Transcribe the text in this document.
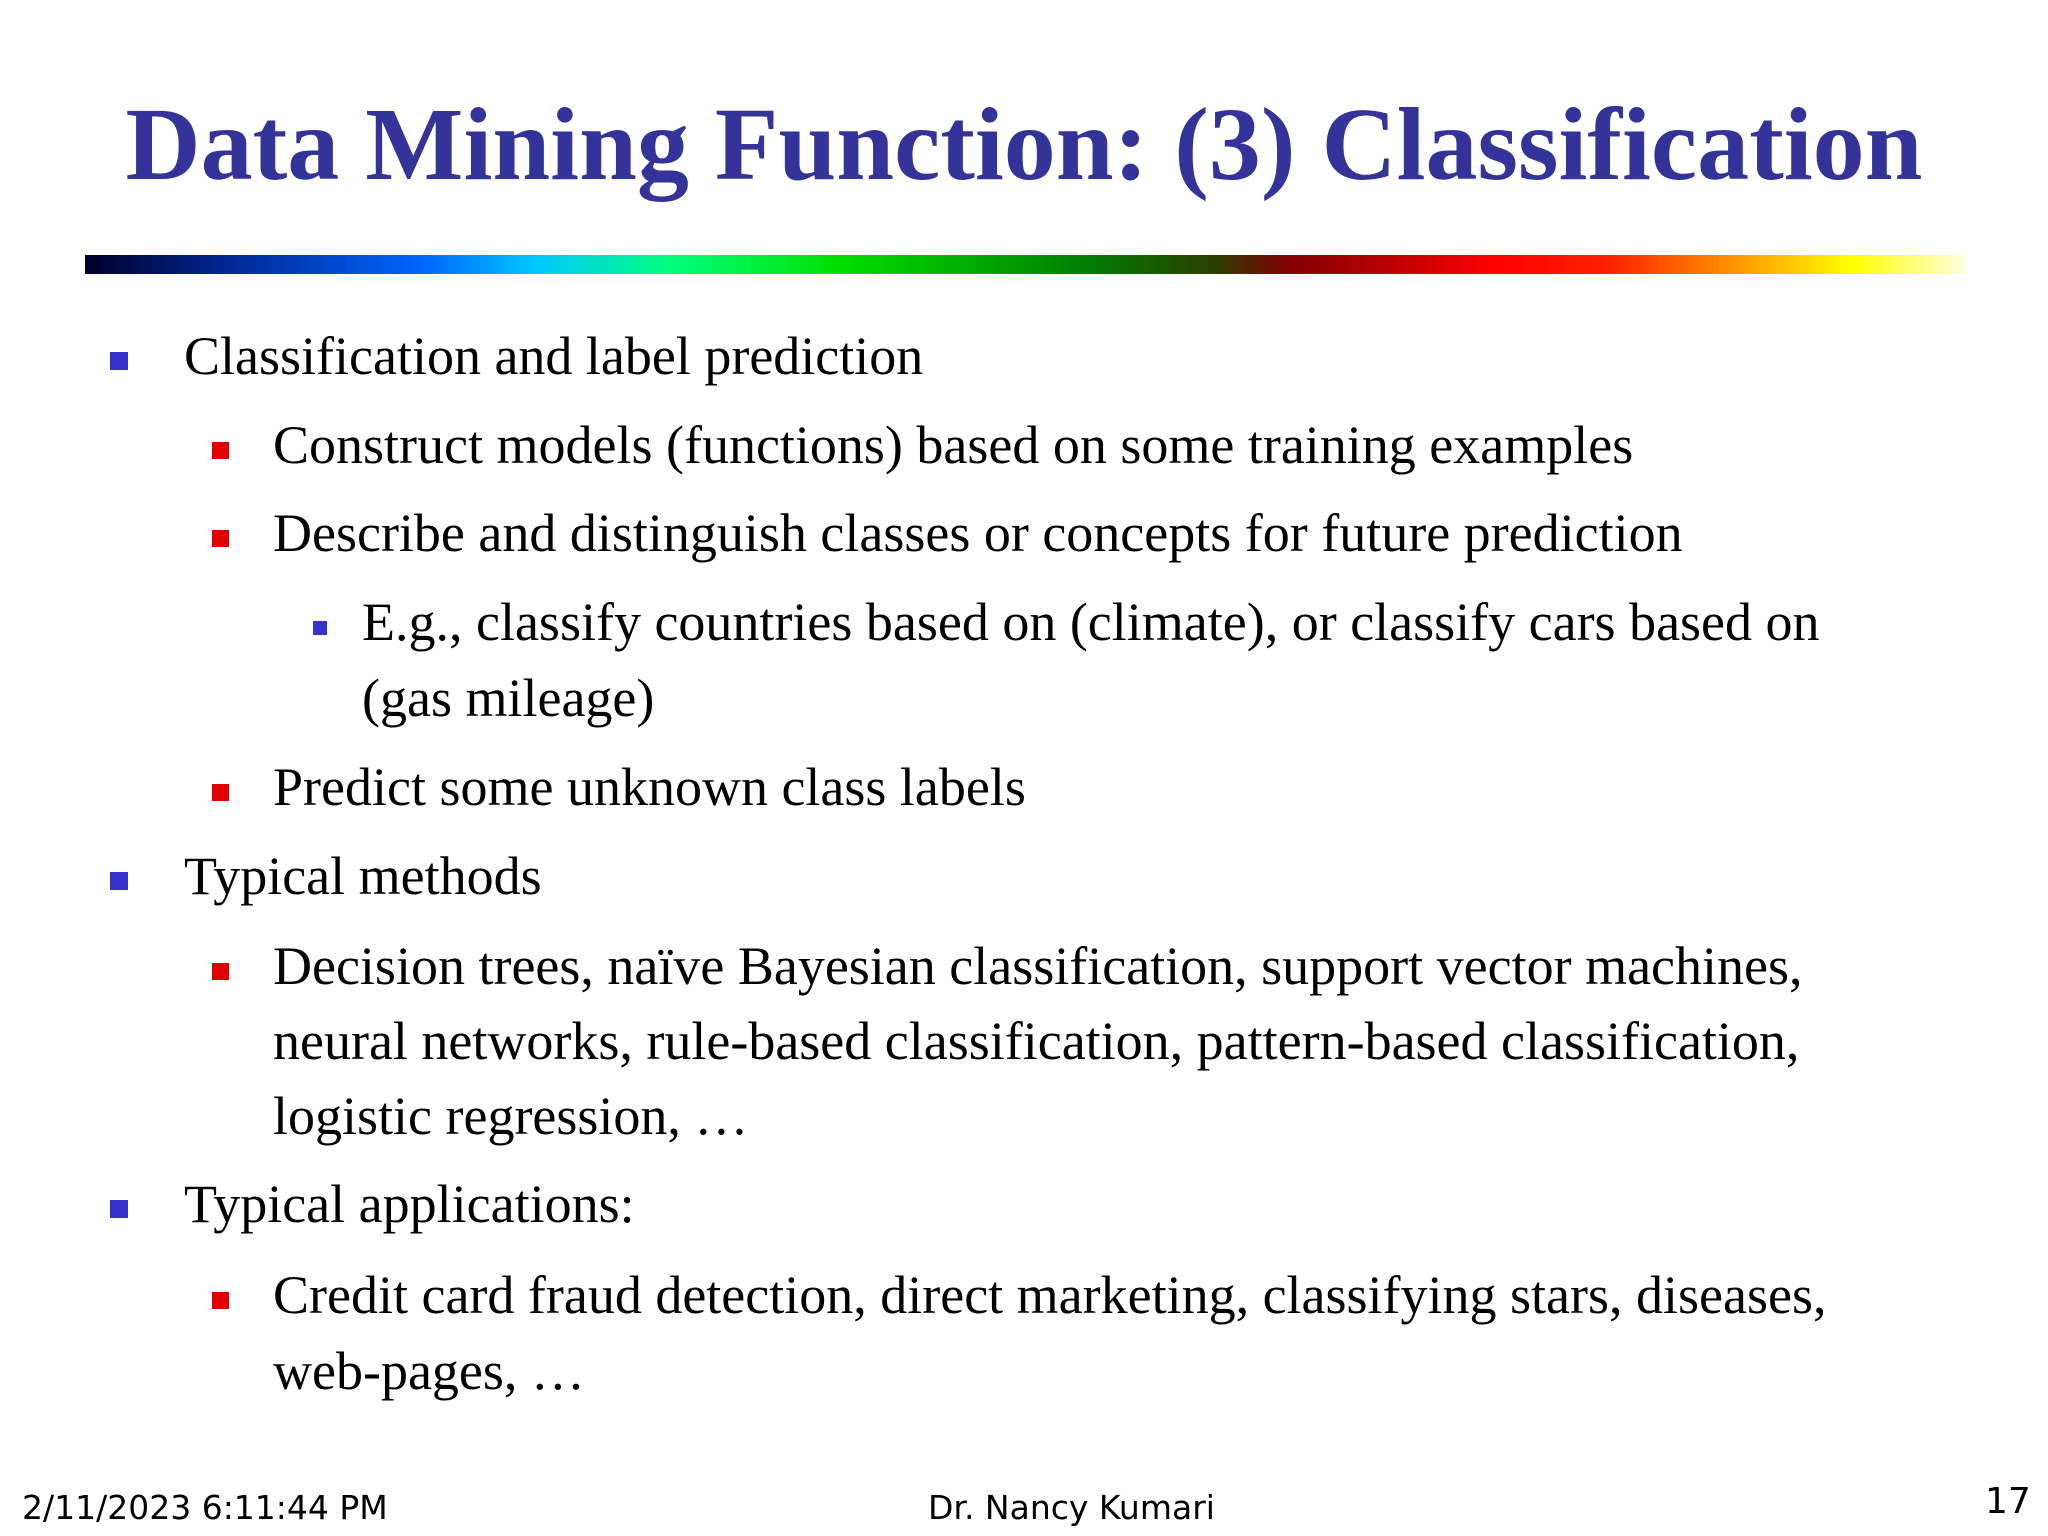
Data Mining Function: (3) Classification
Classification and label prediction
Construct models (functions) based on some training examples
Describe and distinguish classes or concepts for future prediction
E.g., classify countries based on (climate), or classify cars based on
(gas mileage)
Predict some unknown class labels
Typical methods
Decision trees, naïve Bayesian classification, support vector machines,
neural networks, rule-based classification, pattern-based classification,
logistic regression, …
Typical applications:
Credit card fraud detection, direct marketing, classifying stars, diseases,
web-pages, …
2/11/2023 6:11:44 PM	Dr. Nancy Kumari	17
